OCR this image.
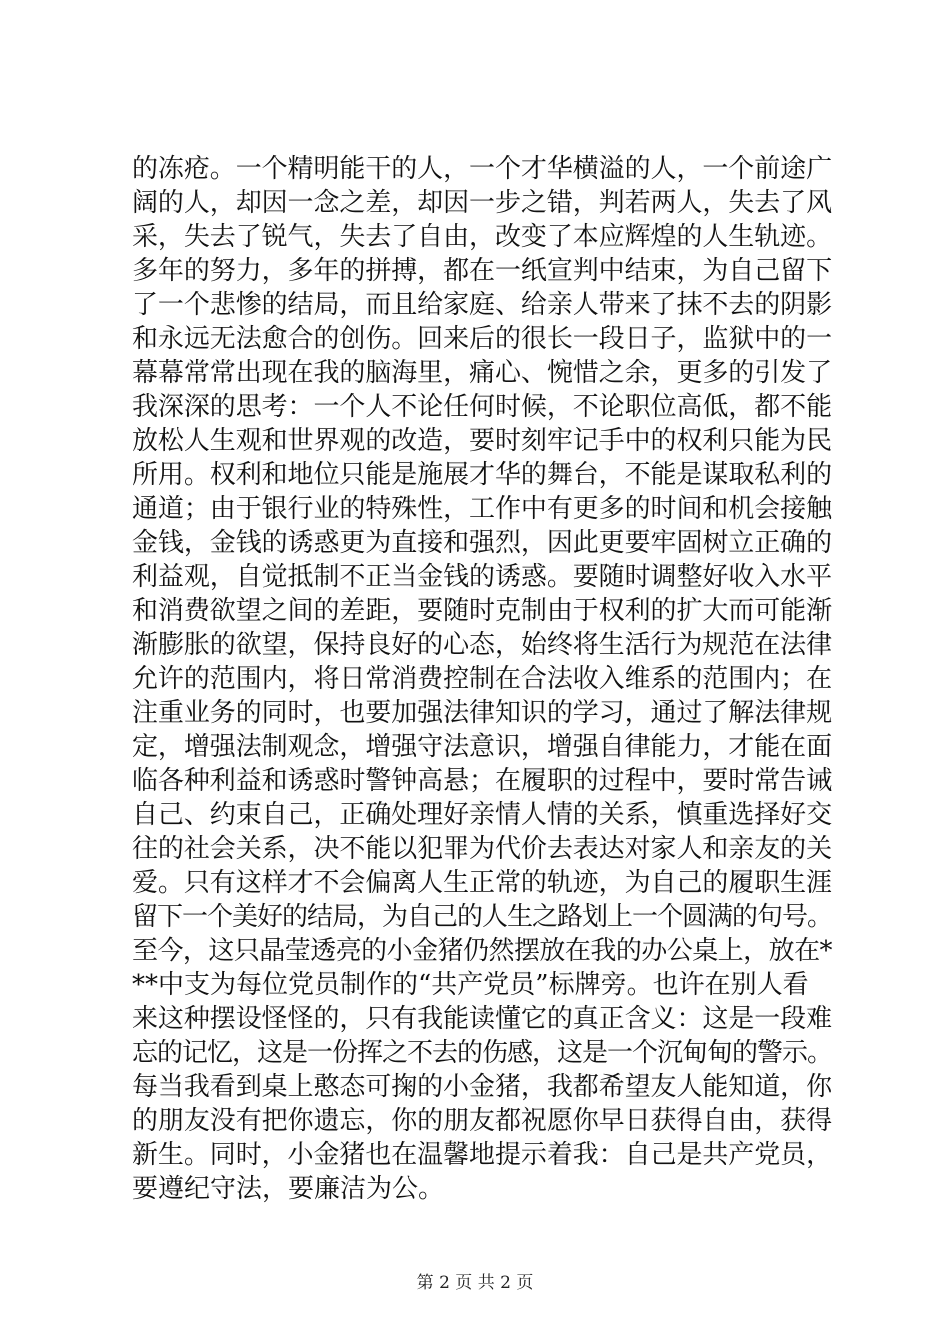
的冻疮。一个精明能干的人，一个才华横溢的人，一个前途广
阔的人，却因一念之差，却因一步之错，判若两人，失去了风
采，失去了锐气，失去了自由，改变了本应辉煌的人生轨迹。
多年的努力，多年的拼搏，都在一纸宣判中结束，为自己留下
了一个悲惨的结局，而且给家庭、给亲人带来了抹不去的阴影
和永远无法愈合的创伤。回来后的很长一段日子，监狱中的一
幕幕常常出现在我的脑海里，痛心、惋惜之余，更多的引发了
我深深的思考：一个人不论任何时候，不论职位高低，都不能
放松人生观和世界观的改造，要时刻牢记手中的权利只能为民
所用。权利和地位只能是施展才华的舞台，不能是谋取私利的
通道；由于银行业的特殊性，工作中有更多的时间和机会接触
金钱，金钱的诱惑更为直接和强烈，因此更要牢固树立正确的
利益观，自觉抵制不正当金钱的诱惑。要随时调整好收入水平
和消费欲望之间的差距，要随时克制由于权利的扩大而可能渐
渐膨胀的欲望，保持良好的心态，始终将生活行为规范在法律
允许的范围内，将日常消费控制在合法收入维系的范围内；在
注重业务的同时，也要加强法律知识的学习，通过了解法律规
定，增强法制观念，增强守法意识，增强自律能力，才能在面
临各种利益和诱惑时警钟高悬；在履职的过程中，要时常告诫
自己、约束自己，正确处理好亲情人情的关系，慎重选择好交
往的社会关系，决不能以犯罪为代价去表达对家人和亲友的关
爱。只有这样才不会偏离人生正常的轨迹，为自己的履职生涯
留下一个美好的结局，为自己的人生之路划上一个圆满的句号。
至今，这只晶莹透亮的小金猪仍然摆放在我的办公桌上，放在*
**中支为每位党员制作的“共产党员”标牌旁。也许在别人看
来这种摆设怪怪的，只有我能读懂它的真正含义：这是一段难
忘的记忆，这是一份挥之不去的伤感，这是一个沉甸甸的警示。
每当我看到桌上憨态可掬的小金猪，我都希望友人能知道，你
的朋友没有把你遗忘，你的朋友都祝愿你早日获得自由，获得
新生。同时，小金猪也在温馨地提示着我：自己是共产党员，
要遵纪守法，要廉洁为公。
第 2 页 共 2 页
